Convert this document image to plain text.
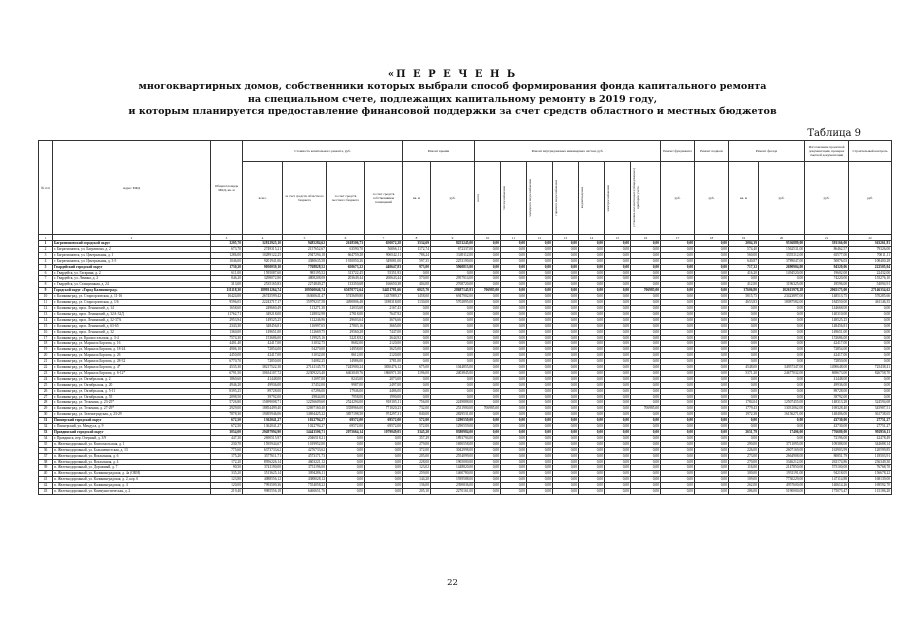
«П Е Р Е Ч Е Н Ь
многоквартирных домов, собственники которых выбрали способ формирования фонда капитального ремонта
на специальном счете, подлежащих капитальному ремонту в 2019 году,
и которым планируется предоставление финансовой поддержки за счет средств областного и местных бюджетов
Таблица 9
№ п/п	Адрес МКД	Общая площадь МКД, кв. м	Стоимость капитального ремонта, руб.				Ремонт крыши		Ремонт внутридомовых инженерных систем, руб.							Ремонт фундамента	Ремонт подвала	Ремонт фасада		Изготовление проектной документации, проверка сметной документации	Строительный контроль
			всего	за счет средств областного бюджета	за счет средств местного бюджета	за счет средств собственников помещений	кв. м	руб.	всего	теплоснабжения	холодного водоснабжения	горячего водоснабжения	водоотведения	электроснабжения	установка коллективных (общедомовых) приборов учета	руб.	руб.	кв. м	руб.	руб.	руб.
1	2	3	4	5	6	7	8	9	10	11	12	13	14	15	16	17	18	19	20	21	22
1	Багратионовский городской округ	3205,70	32812925,10	9485284,62	2618506,73	650072,28	3534,69	8253245,00	0,00	0,00	0,00	0,00	0,00	0,00	0,00	0,00	0,00	2004,39	9536889,00	393166,00	363261,81
2	г. Багратионовск, ул. Багратиона, д. 2	673,70	2749315,21	2157652,67	63590,70	56066,11	1172,74	672337,00	0,00	0,00	0,00	0,00	0,00	0,00	0,00	0,00	0,00	574,40	1562531,00	86462,57	79326,00
3	г. Багратионовск, ул. Центральная, д. 1	1286,00	10289122,25	2947294,18	664759,28	906542,11	786,24	1349112,00	0,00	0,00	0,00	0,00	0,00	0,00	0,00	0,00	0,00	560,00	3355312,00	65577,00	70011,11
4	г. Багратионовск, ул. Центральная, д. 3-5	1046,00	9201941,06	4380635,58	1910050,26	349081,00	597,35	2253190,00	0,00	0,00	0,00	0,00	0,00	0,00	0,00	0,00	0,00	640,87	3789047,00	50876,03	108400,28
5	Гвардейский городской округ	1730,20	9050039,10	7768828,52	650673,22	440647,83	973,00	5960813,00	0,00	0,00	0,00	0,00	0,00	0,00	0,00	0,00	0,00	717,32	2690904,00	94320,06	222505,04
6	г. Гвардейск, ул. Гагарина, д. 2	611,00	1595087,60	985195,52	313722,45	55351,93	0,00	0,00	0,00	0,00	0,00	0,00	0,00	0,00	0,00	0,00	0,00	416,20	1494520,00	19602,00	22432,00
7	г. Гвардейск, ул. Ленина, д. 2	846,20	3298072,80	4808208,08	203649,44	260643,44	570,00	2957914,00	0,00	0,00	0,00	0,00	0,00	0,00	0,00	0,00	0,00	0,00	0,00	74220,00	155276,10
8	г. Гвардейск, ул. Станционная, д. 24	313,00	2535165,83	2274849,27	133350,68	166650,38	404,00	2768720,00	0,00	0,00	0,00	0,00	0,00	0,00	0,00	0,00	0,00	412,00	1196325,00	18596,00	54094,91
9	Городской округ «Город Калининград»	111118,30	189931264,74	109560046,74	65670772,64	34451781,66	6025,70	28687145,93	706985,00	0,00	0,00	0,00	0,00	0,00	706985,00	0,00	0,00	37606,80	102615978,28	2065175,00	27146354,62
10	г. Калининград, ул. Староорловская, д. 11-16	16424,00	26745599,42	16360641,47	5745609,80	1437089,37	1458,00	6947902,00	0,00	0,00	0,00	0,00	0,00	0,00	0,00	0,00	0,00	5815,75	23423897,00	148513,75	570285,66
11	г. Калининград, ул. Староорловская, д. 1/6	9596,05	22243717,17	15979237,58	4490806,48	1188318,00	1130,00	5702895,00	0,00	0,00	0,00	0,00	0,00	0,00	0,00	0,00	0,00	4653,83	18087582,00	184550,00	461146,35
12	г. Калининград, прсп. Ленинский, д. 14	1658,60	249660,49	113271,30	12033,68	2167,43	0,00	0,00	0,00	0,00	0,00	0,00	0,00	0,00	0,00	0,00	0,00	0,00	0,00	144668,00	0,00
13	г. Калининград, прсп. Ленинский, д. 32А-32Д	11762,71	349218,00	128832,98	27818,00	7647,92	0,00	0,00	0,00	0,00	0,00	0,00	0,00	0,00	0,00	0,00	0,00	0,00	0,00	140310,00	0,00
14	г. Калининград, прсп. Ленинский, д. 32-37А	2953,94	149525,25	112246,96	29603,64	3676,66	0,00	0,00	0,00	0,00	0,00	0,00	0,00	0,00	0,00	0,00	0,00	0,00	0,00	148525,25	0,00
15	г. Калининград, прсп. Ленинский, д. 63-65	2343,30	348456,81	116997,65	27803,16	3665,00	0,00	0,00	0,00	0,00	0,00	0,00	0,00	0,00	0,00	0,00	0,00	0,00	0,00	148456,81	0,00
16	г. Калининград, прсп. Ленинский, д. 32	1360,00	149651,00	112669,75	29560,28	7447,00	0,00	0,00	0,00	0,00	0,00	0,00	0,00	0,00	0,00	0,00	0,00	0,00	0,00	149651,00	0,00
17	г. Калининград, ул. Красносельская, д. 3-4	7574,30	153686,00	119925,16	32218,92	2644,92	0,00	0,00	0,00	0,00	0,00	0,00	0,00	0,00	0,00	0,00	0,00	0,00	0,00	153686,00	0,00
18	г. Калининград, ул. Маршала Борзова, д. 16	4401,40	42417,00	31032,75	8682,00	2120,00	0,00	0,00	0,00	0,00	0,00	0,00	0,00	0,00	0,00	0,00	0,00	0,00	0,00	42417,00	0,00
19	г. Калининград, ул. Маршала Борзова, д. 18-24	4906,10	72854,00	54270,00	14958,00	3625,00	0,00	0,00	0,00	0,00	0,00	0,00	0,00	0,00	0,00	0,00	0,00	0,00	0,00	72854,00	0,00
20	г. Калининград, ул. Маршала Борзова, д. 26	4450,00	42417,00	31032,00	8612,00	2120,00	0,00	0,00	0,00	0,00	0,00	0,00	0,00	0,00	0,00	0,00	0,00	0,00	0,00	42417,00	0,00
21	г. Калининград, ул. Маршала Борзова, д. 28-32	6770,70	72850,00	54082,25	14986,00	3781,00	0,00	0,00	0,00	0,00	0,00	0,00	0,00	0,00	0,00	0,00	0,00	0,00	0,00	72850,00	0,00
22	г. Калининград, ул. Маршала Борзова, д. 4*	4535,30	38217522,30	27141145,75	7245900,24	3830476,12	675,00	1044855,00	0,00	0,00	0,00	0,00	0,00	0,00	0,00	0,00	0,00	4548,00	34957347,00	1490648,00	725438,41
23	г. Калининград, ул. Маршала Борзова, д. 6-12*	6791,50	30634107,72	22309223,40	6463049,76	1860971,50	1196,00	2403845,00	0,00	0,00	0,00	0,00	0,00	0,00	0,00	0,00	0,00	5371,20	24677032,00	869673,00	826758,70
24	г. Калининград, ул. Октябрьская, д. 2	1860,60	41448,00	31097,00	8243,00	2073,00	0,00	0,00	0,00	0,00	0,00	0,00	0,00	0,00	0,00	0,00	0,00	0,00	0,00	41448,00	0,00
25	г. Калининград, ул. Октябрьская, д. 20	4946,20	49936,00	37452,00	9987,00	2497,00	0,00	0,00	0,00	0,00	0,00	0,00	0,00	0,00	0,00	0,00	0,00	0,00	0,00	49936,00	0,00
26	г. Калининград, ул. Октябрьская, д. 5-11	8395,25	89728,00	67296,00	17946,00	4486,00	0,00	0,00	0,00	0,00	0,00	0,00	0,00	0,00	0,00	0,00	0,00	0,00	0,00	89728,00	0,00
27	г. Калининград, ул. Октябрьская, д. 55	2098,50	39792,00	29844,00	7958,00	1990,00	0,00	0,00	0,00	0,00	0,00	0,00	0,00	0,00	0,00	0,00	0,00	0,00	0,00	39792,00	0,00
28	г. Калининград, ул. Тельмана, д. 23-25*	5726,80	15699008,71	12256609,60	2524294,00	918105,11	756,00	2249888,00	0,00	0,00	0,00	0,00	0,00	0,00	0,00	0,00	0,00	1784,04	12507455,00	148313,28	324594,68
29	г. Калининград, ул. Тельмана, д. 27-29*	2929,00	18854499,40	12697160,40	3358966,00	771020,23	732,00	2531900,00	706985,00	0,00	0,00	0,00	0,00	0,00	706985,00	0,00	0,00	1779,43	13031062,00	169328,40	345987,51
30	г. Калининград, ул. Зеленоградская, д. 23-29	7878,30	19495946,06	14694425,22	3857198,50	974297,31	840,00	2829531,00	0,00	0,00	0,00	0,00	0,00	0,00	0,00	0,00	0,00	1972,38	16156271,00	148406,00	361738,65
31	Пионерский городской округ	672,50	1362041,27	1022794,27	69572,00	69572,00	572,00	1290559,00	0,00	0,00	0,00	0,00	0,00	0,00	0,00	0,00	0,00	0,00	0,00	43730,00	27751,27
32	г. Пионерский, ул. Мендуса, д. 9	672,50	1362041,27	1022794,27	69572,00	69572,00	572,00	1290559,00	0,00	0,00	0,00	0,00	0,00	0,00	0,00	0,00	0,00	0,00	0,00	43730,00	27751,27
33	Правдинский городской округ	3054,00	29497994,90	14443506,71	2075664,14	1079049,05	3345,20	8380984,00	0,00	0,00	0,00	0,00	0,00	0,00	0,00	0,00	0,00	2651,79	17406,00	776680,00	992956,11
34	г. Правдинск, пер. Озерный, д. 3/9	447,30	2690515,97	2046518,21	0,00	0,00	357,29	1893794,00	0,00	0,00	0,00	0,00	0,00	0,00	0,00	0,00	0,00	0,00	0,00	72196,00	42478,49
35	п. Железнодорожный, ул. Комсомольская, д. 1	230,70	1595944,67	1019952,00	0,00	0,00	279,00	1690558,00	0,00	0,00	0,00	0,00	0,00	0,00	0,00	0,00	0,00	290,00	3711095,00	109388,00	344688,14
36	п. Железнодорожный, ул. Большевистская, д. 13	775,60	6373733,62	4276733,62	0,00	0,00	372,00	3042998,00	0,00	0,00	0,00	0,00	0,00	0,00	0,00	0,00	0,00	226,00	2607169,00	163903,99	120599,85
37	п. Железнодорожный, ул. Вокзальная, д. 6	175,20	3577611,71	4573171,73	0,00	0,00	205,00	2554099,00	0,00	0,00	0,00	0,00	0,00	0,00	0,00	0,00	0,00	273,00	2664908,00	80851,79	118503,91
38	п. Железнодорожный, ул. Вокзальная, д. 4	172,20	8956226,14	4603221,12	0,00	0,00	228,00	1965000,00	0,00	0,00	0,00	0,00	0,00	0,00	0,00	0,00	0,00	270,00	3346212,00	263174,86	236349,30
39	п. Железнодорожный, ул. Дорожный, д. 7	90,50	3741190,00	3731196,00	0,00	0,00	123,02	1448820,00	0,00	0,00	0,00	0,00	0,00	0,00	0,00	0,00	0,00	116,00	2147850,00	575100,00	76768,70
40	п. Железнодорожный, ул. Калининградская, д. 4а (ОКН)	335,20	3513625,14	3094286,11	0,00	0,00	259,00	1460780,00	0,00	0,00	0,00	0,00	0,00	0,00	0,00	0,00	0,00	300,00	1931191,00	94218,05	156678,22
41	п. Железнодорожный, ул. Калининградская, д. 2, кор. 6	123,80	4088556,12	4388028,12	0,00	0,00	144,20	1939588,00	0,00	0,00	0,00	0,00	0,00	0,00	0,00	0,00	0,00	109,00	7730229,00	147114,88	168139,00
42	п. Железнодорожный, ул. Калининградская, д. 4	120,00	7993509,36	7554058,22	0,00	0,00	136,00	2390836,00	0,00	0,00	0,00	0,00	0,00	0,00	0,00	0,00	0,00	262,00	4957600,00	140614,26	169592,70
43	п. Железнодорожный, ул. Коммунистическая, д. 2	219,40	9985556,18	6460651,76	0,00	0,00	205,10	2270161,00	0,00	0,00	0,00	0,00	0,00	0,00	0,00	0,00	0,00	286,00	5190000,00	175073,47	115186,20
22
